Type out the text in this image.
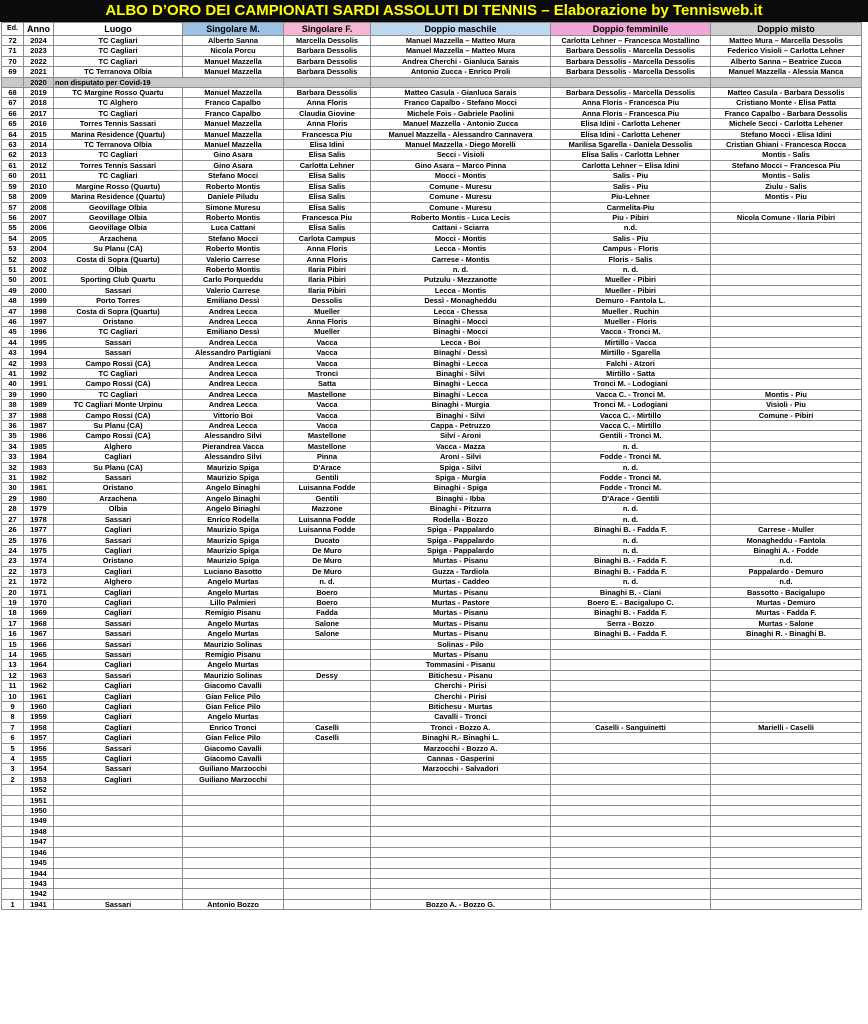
ALBO D’ORO DEI CAMPIONATI SARDI ASSOLUTI DI TENNIS – Elaborazione by Tennisweb.it
Ed.	Anno	Luogo	Singolare M.	Singolare F.	Doppio maschile	Doppio femminile	Doppio misto
72	2024	TC Cagliari	Alberto Sanna	Marcella Dessolis	Manuel Mazzella – Matteo Mura	Carlotta Lehner – Francesca Mostallino	Matteo Mura – Marcella Dessolis
71	2023	TC Cagliari	Nicola Porcu	Barbara Dessolis	Manuel Mazzella – Matteo Mura	Barbara Dessolis - Marcella Dessolis	Federico Visioli – Carlotta Lehner
70	2022	TC Cagliari	Manuel Mazzella	Barbara Dessolis	Andrea Cherchi - Gianluca Sarais	Barbara Dessolis - Marcella Dessolis	Alberto Sanna – Beatrice Zucca
69	2021	TC Terranova Olbia	Manuel Mazzella	Barbara Dessolis	Antonio Zucca - Enrico Proli	Barbara Dessolis - Marcella Dessolis	Manuel Mazzella - Alessia Manca
	2020	non disputato per Covid-19					
68	2019	TC Margine Rosso Quartu	Manuel Mazzella	Barbara Dessolis	Matteo Casula - Gianluca Sarais	Barbara Dessolis - Marcella Dessolis	Matteo Casula - Barbara Dessolis
67	2018	TC Alghero	Franco Capalbo	Anna Floris	Franco Capalbo - Stefano Mocci	Anna Floris - Francesca Piu	Cristiano Monte - Elisa Patta
66	2017	TC Cagliari	Franco Capalbo	Claudia Giovine	Michele Fois - Gabriele Paolini	Anna Floris - Francesca Piu	Franco Capalbo - Barbara Dessolis
65	2016	Torres Tennis Sassari	Manuel Mazzella	Anna Floris	Manuel Mazzella - Antonio Zucca	Elisa Idini - Carlotta Lehener	Michele Secci - Carlotta Lehener
64	2015	Marina Residence (Quartu)	Manuel Mazzella	Francesca Piu	Manuel Mazzella - Alessandro Cannavera	Elisa Idini - Carlotta Lehener	Stefano Mocci - Elisa Idini
63	2014	TC Terranova Olbia	Manuel Mazzella	Elisa Idini	Manuel Mazzella - Diego Morelli	Marilisa Sgarella - Daniela Dessolis	Cristian Ghiani - Francesca Rocca
62	2013	TC Cagliari	Gino Asara	Elisa Salis	Secci - Visioli	Elisa Salis - Carlotta Lehner	Montis - Salis
61	2012	Torres Tennis Sassari	Gino Asara	Carlotta Lehner	Gino Asara – Marco Pinna	Carlotta Lehner – Elisa Idini	Stefano Mocci – Francesca Piu
60	2011	TC Cagliari	Stefano Mocci	Elisa Salis	Mocci - Montis	Salis - Piu	Montis - Salis
59	2010	Margine Rosso (Quartu)	Roberto Montis	Elisa Salis	Comune - Muresu	Salis - Piu	Ziulu - Salis
58	2009	Marina Residence (Quartu)	Daniele Piludu	Elisa Salis	Comune - Muresu	Piu-Lehner	Montis - Piu
57	2008	Geovillage Olbia	Simone Muresu	Elisa Salis	Comune - Muresu	Carmelita-Piu	
56	2007	Geovillage Olbia	Roberto Montis	Francesca Piu	Roberto Montis - Luca Lecis	Piu - Pibiri	Nicola Comune - Ilaria Pibiri
55	2006	Geovillage Olbia	Luca Cattani	Elisa Salis	Cattani - Sciarra	n.d.	
54	2005	Arzachena	Stefano Mocci	Carlota Campus	Mocci - Montis	Salis - Piu	
53	2004	Su Planu (CA)	Roberto Montis	Anna Floris	Lecca - Montis	Campus - Floris	
52	2003	Costa di Sopra (Quartu)	Valerio Carrese	Anna Floris	Carrese - Montis	Floris - Salis	
51	2002	Olbia	Roberto Montis	Ilaria Pibiri	n. d.	n. d.	
50	2001	Sporting Club Quartu	Carlo Porqueddu	Ilaria Pibiri	Putzulu - Mezzanotte	Mueller - Pibiri	
49	2000	Sassari	Valerio Carrese	Ilaria Pibiri	Lecca - Montis	Mueller - Pibiri	
48	1999	Porto Torres	Emiliano Dessì	Dessolis	Dessì - Monagheddu	Demuro - Fantola L.	
47	1998	Costa di Sopra (Quartu)	Andrea Lecca	Mueller	Lecca - Chessa	Mueller . Ruchin	
46	1997	Oristano	Andrea Lecca	Anna Floris	Binaghi - Mocci	Mueller - Floris	
45	1996	TC Cagliari	Emiliano Dessì	Mueller	Binaghi - Mocci	Vacca - Tronci M.	
44	1995	Sassari	Andrea Lecca	Vacca	Lecca - Boi	Mirtillo - Vacca	
43	1994	Sassari	Alessandro Partigiani	Vacca	Binaghi - Dessì	Mirtillo - Sgarella	
42	1993	Campo Rossi (CA)	Andrea Lecca	Vacca	Binaghi - Lecca	Falchi - Atzori	
41	1992	TC Cagliari	Andrea Lecca	Tronci	Binaghi - Silvi	Mirtillo - Satta	
40	1991	Campo Rossi (CA)	Andrea Lecca	Satta	Binaghi - Lecca	Tronci M. - Lodogiani	
39	1990	TC Cagliari	Andrea Lecca	Mastellone	Binaghi - Lecca	Vacca C. - Tronci M.	Montis - Piu
38	1989	TC Cagliari Monte Urpinu	Andrea Lecca	Vacca	Binaghi - Murgia	Tronci M. - Lodogiani	Visioli - Piu
37	1988	Campo Rossi (CA)	Vittorio Boi	Vacca	Binaghi - Silvi	Vacca C. - Mirtillo	Comune - Pibiri
36	1987	Su Planu (CA)	Andrea Lecca	Vacca	Cappa - Petruzzo	Vacca C. - Mirtillo	
35	1986	Campo Rossi (CA)	Alessandro Silvi	Mastellone	Silvi - Aroni	Gentili - Tronci M.	
34	1985	Alghero	Pierandrea Vacca	Mastellone	Vacca - Mazza	n. d.	
33	1984	Cagliari	Alessandro Silvi	Pinna	Aroni - Silvi	Fodde - Tronci M.	
32	1983	Su Planu (CA)	Maurizio Spiga	D'Arace	Spiga - Silvi	n. d.	
31	1982	Sassari	Maurizio Spiga	Gentili	Spiga - Murgia	Fodde - Tronci M.	
30	1981	Oristano	Angelo Binaghi	Luisanna Fodde	Binaghi - Spiga	Fodde - Tronci M.	
29	1980	Arzachena	Angelo Binaghi	Gentili	Binaghi - Ibba	D'Arace - Gentili	
28	1979	Olbia	Angelo Binaghi	Mazzone	Binaghi - Pitzurra	n. d.	
27	1978	Sassari	Enrico Rodella	Luisanna Fodde	Rodella - Bozzo	n. d.	
26	1977	Cagliari	Maurizio Spiga	Luisanna Fodde	Spiga - Pappalardo	Binaghi B. - Fadda F.	Carrese - Muller
25	1976	Sassari	Maurizio Spiga	Ducato	Spiga - Pappalardo	n. d.	Monagheddu - Fantola
24	1975	Cagliari	Maurizio Spiga	De Muro	Spiga - Pappalardo	n. d.	Binaghi A. - Fodde
23	1974	Oristano	Maurizio Spiga	De Muro	Murtas - Pisanu	Binaghi B. - Fadda F.	n.d.
22	1973	Cagliari	Luciano Basotto	De Muro	Guzza - Tardiola	Binaghi B. - Fadda F.	Pappalardo - Demuro
21	1972	Alghero	Angelo Murtas	n. d.	Murtas - Caddeo	n. d.	n.d.
20	1971	Cagliari	Angelo Murtas	Boero	Murtas - Pisanu	Binaghi B. - Ciani	Bassotto - Bacigalupo
19	1970	Cagliari	Lillo Palmieri	Boero	Murtas - Pastore	Boero E. - Bacigalupo C.	Murtas - Demuro
18	1969	Cagliari	Remigio Pisanu	Fadda	Murtas - Pisanu	Binaghi B. - Fadda F.	Murtas - Fadda F.
17	1968	Sassari	Angelo Murtas	Salone	Murtas - Pisanu	Serra - Bozzo	Murtas - Salone
16	1967	Sassari	Angelo Murtas	Salone	Murtas - Pisanu	Binaghi B. - Fadda F.	Binaghi R. - Binaghi B.
15	1966	Sassari	Maurizio Solinas		Solinas - Pilo		
14	1965	Sassari	Remigio Pisanu		Murtas - Pisanu		
13	1964	Cagliari	Angelo Murtas		Tommasini - Pisanu		
12	1963	Sassari	Maurizio Solinas	Dessy	Bitichesu - Pisanu		
11	1962	Cagliari	Giacomo Cavalli		Cherchi - Pirisi		
10	1961	Cagliari	Gian Felice Pilo		Cherchi - Pirisi		
9	1960	Cagliari	Gian Felice Pilo		Bitichesu - Murtas		
8	1959	Cagliari	Angelo Murtas		Cavalli - Tronci		
7	1958	Cagliari	Enrico Tronci	Caselli	Tronci - Bozzo A.	Caselli - Sanguinetti	Marielli - Caselli
6	1957	Cagliari	Gian Felice Pilo	Caselli	Binaghi R.- Binaghi L.		
5	1956	Sassari	Giacomo Cavalli		Marzocchi - Bozzo A.		
4	1955	Cagliari	Giacomo Cavalli		Cannas - Gasperini		
3	1954	Sassari	Guiliano Marzocchi		Marzocchi - Salvadori		
2	1953	Cagliari	Guiliano Marzocchi				
	1952						
	1951						
	1950						
	1949						
	1948						
	1947						
	1946						
	1945						
	1944						
	1943						
	1942						
1	1941	Sassari	Antonio Bozzo		Bozzo A. - Bozzo G.		
